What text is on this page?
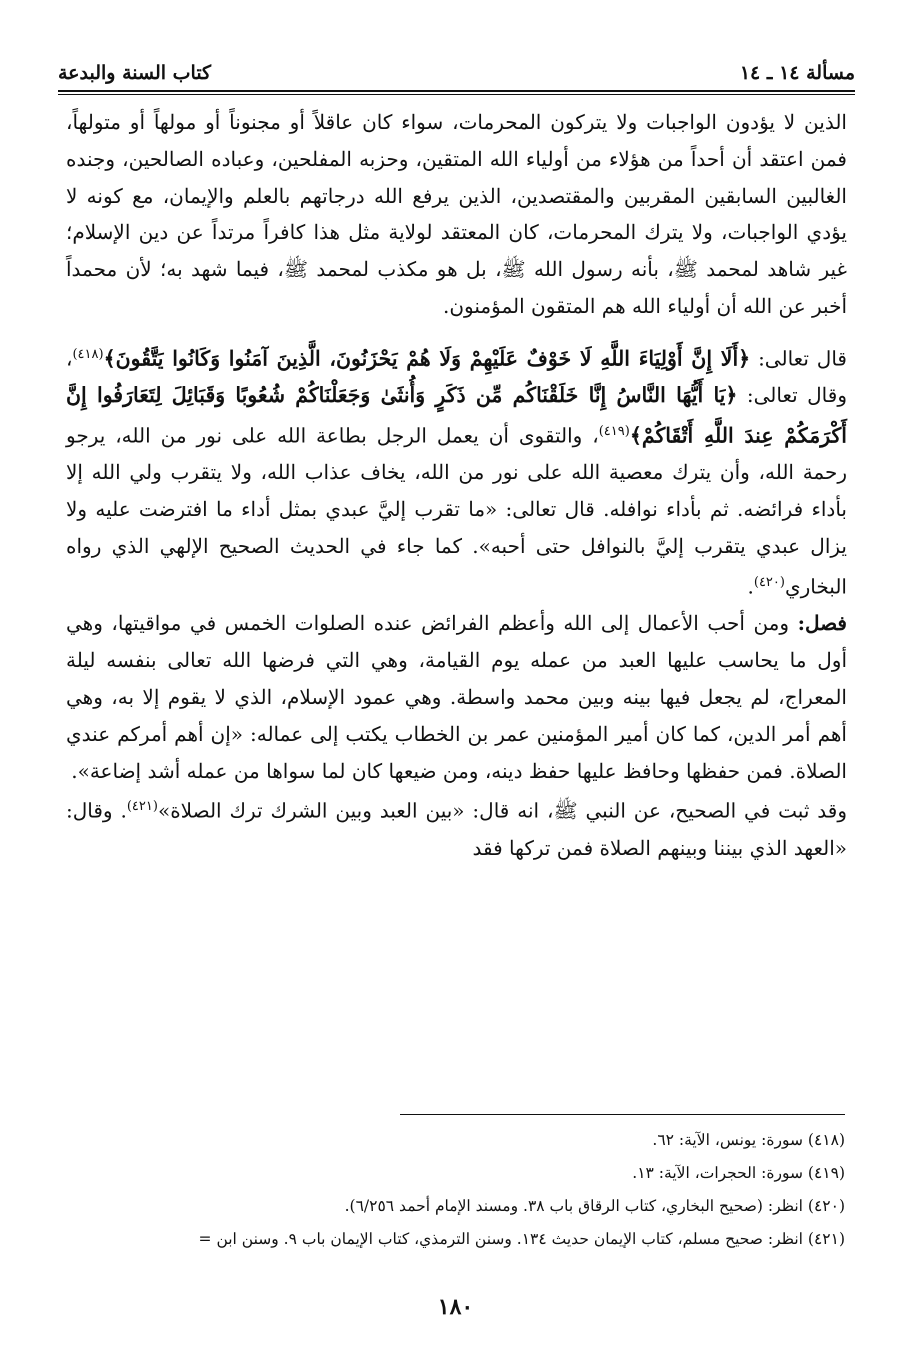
مسألة ١٤ ـ ١٤
كتاب السنة والبدعة

الذين لا يؤدون الواجبات ولا يتركون المحرمات، سواء كان عاقلاً أو مجنوناً أو مولهاً أو متولهاً، فمن اعتقد أن أحداً من هؤلاء من أولياء الله المتقين، وحزبه المفلحين، وعباده الصالحين، وجنده الغالبين السابقين المقربين والمقتصدين، الذين يرفع الله درجاتهم بالعلم والإيمان، مع كونه لا يؤدي الواجبات، ولا يترك المحرمات، كان المعتقد لولاية مثل هذا كافراً مرتداً عن دين الإسلام؛ غير شاهد لمحمد ﷺ، بأنه رسول الله ﷺ، بل هو مكذب لمحمد ﷺ، فيما شهد به؛ لأن محمداً أخبر عن الله أن أولياء الله هم المتقون المؤمنون.

قال تعالى: ﴿أَلَا إِنَّ أَوْلِيَاءَ اللَّهِ لَا خَوْفٌ عَلَيْهِمْ وَلَا هُمْ يَحْزَنُونَ، الَّذِينَ آمَنُوا وَكَانُوا يَتَّقُونَ﴾$^{(٤١٨)}$، وقال تعالى: ﴿يَا أَيُّهَا النَّاسُ إِنَّا خَلَقْنَاكُم مِّن ذَكَرٍ وَأُنثَىٰ وَجَعَلْنَاكُمْ شُعُوبًا وَقَبَائِلَ لِتَعَارَفُوا إِنَّ أَكْرَمَكُمْ عِندَ اللَّهِ أَتْقَاكُمْ﴾$^{(٤١٩)}$، والتقوى أن يعمل الرجل بطاعة الله على نور من الله، يرجو رحمة الله، وأن يترك معصية الله على نور من الله، يخاف عذاب الله، ولا يتقرب ولي الله إلا بأداء فرائضه. ثم بأداء نوافله. قال تعالى: «ما تقرب إليَّ عبدي بمثل أداء ما افترضت عليه ولا يزال عبدي يتقرب إليَّ بالنوافل حتى أحبه». كما جاء في الحديث الصحيح الإلهي الذي رواه البخاري$^{(٤٢٠)}$.

فصل: ومن أحب الأعمال إلى الله وأعظم الفرائض عنده الصلوات الخمس في مواقيتها، وهي أول ما يحاسب عليها العبد من عمله يوم القيامة، وهي التي فرضها الله تعالى بنفسه ليلة المعراج، لم يجعل فيها بينه وبين محمد واسطة. وهي عمود الإسلام، الذي لا يقوم إلا به، وهي أهم أمر الدين، كما كان أمير المؤمنين عمر بن الخطاب يكتب إلى عماله: «إن أهم أمركم عندي الصلاة. فمن حفظها وحافظ عليها حفظ دينه، ومن ضيعها كان لما سواها من عمله أشد إضاعة».

وقد ثبت في الصحيح، عن النبي ﷺ، انه قال: «بين العبد وبين الشرك ترك الصلاة»$^{(٤٢١)}$. وقال: «العهد الذي بيننا وبينهم الصلاة فمن تركها فقد

(٤١٨) سورة: يونس، الآية: ٦٢.
(٤١٩) سورة: الحجرات، الآية: ١٣.
(٤٢٠) انظر: (صحيح البخاري، كتاب الرقاق باب ٣٨. ومسند الإمام أحمد ٦/٢٥٦).
(٤٢١) انظر: صحيح مسلم، كتاب الإيمان حديث ١٣٤. وسنن الترمذي، كتاب الإيمان باب ٩. وسنن ابن =
١٨٠
